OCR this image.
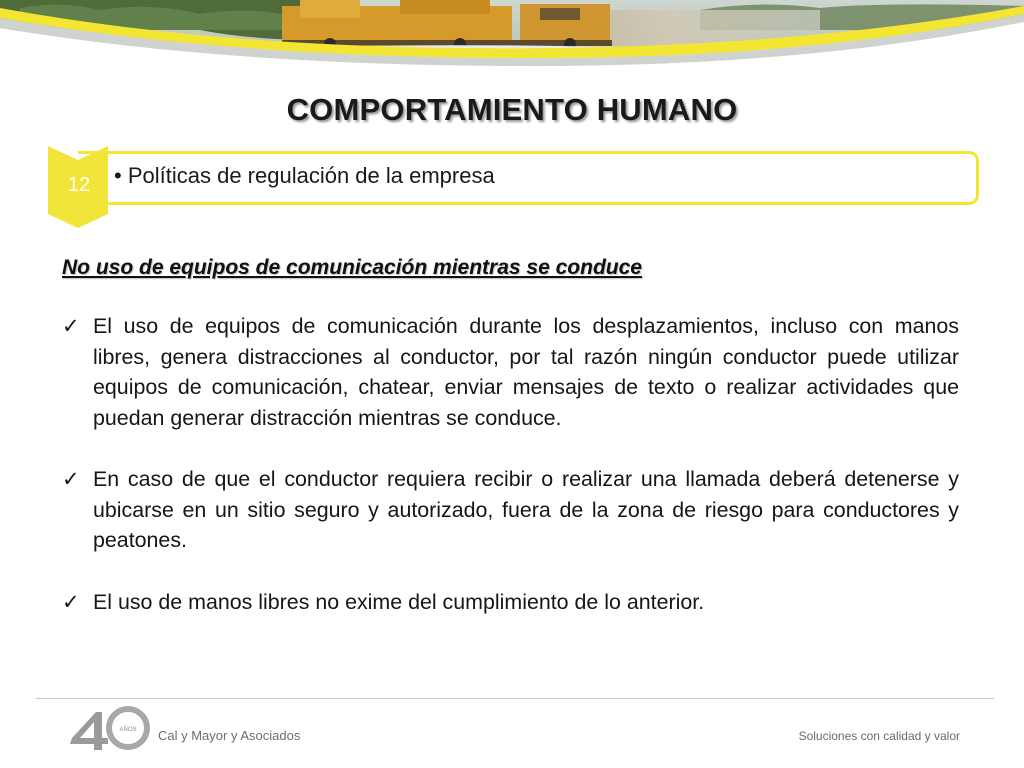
COMPORTAMIENTO HUMANO
12 • Políticas de regulación de la empresa
No uso de equipos de comunicación mientras se conduce
✓ El uso de equipos de comunicación durante los desplazamientos, incluso con manos libres, genera distracciones al conductor, por tal razón ningún conductor puede utilizar equipos de comunicación, chatear, enviar mensajes de texto o realizar actividades que puedan generar distracción mientras se conduce.
✓ En caso de que el conductor requiera recibir o realizar una llamada deberá detenerse y ubicarse en un sitio seguro y autorizado, fuera de la zona de riesgo para conductores y peatones.
✓ El uso de manos libres no exime del cumplimiento de lo anterior.
AÑOS Cal y Mayor y Asociados	Soluciones con calidad y valor
